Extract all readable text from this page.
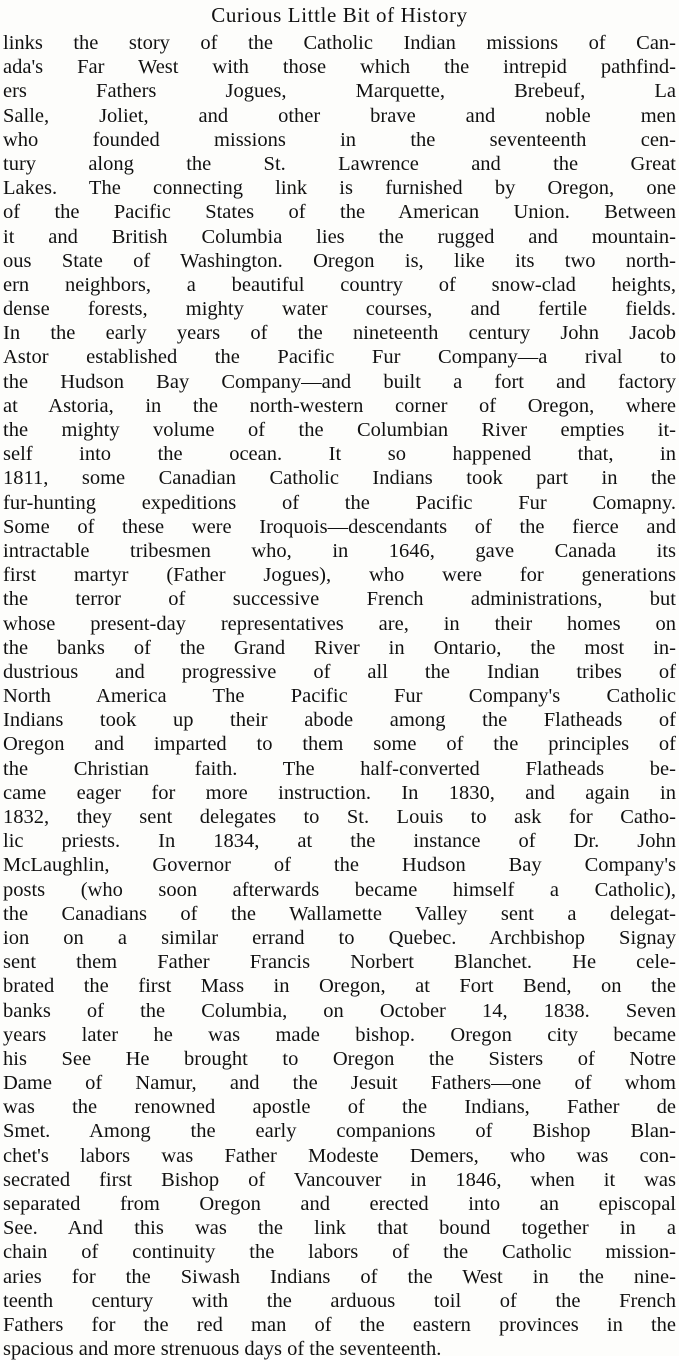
Curious Little Bit of History
links the story of the Catholic Indian missions of Can-
ada's Far West with those which the intrepid pathfind-
ers Fathers Jogues, Marquette, Brebeuf, La
Salle, Joliet, and other brave and noble men
who founded missions in the seventeenth cen-
tury along the St. Lawrence and the Great
Lakes. The connecting link is furnished by Oregon, one
of the Pacific States of the American Union. Between
it and British Columbia lies the rugged and mountain-
ous State of Washington. Oregon is, like its two north-
ern neighbors, a beautiful country of snow-clad heights,
dense forests, mighty water courses, and fertile fields.
In the early years of the nineteenth century John Jacob
Astor established the Pacific Fur Company—a rival to
the Hudson Bay Company—and built a fort and factory
at Astoria, in the north-western corner of Oregon, where
the mighty volume of the Columbian River empties it-
self into the ocean. It so happened that, in
1811, some Canadian Catholic Indians took part in the
fur-hunting expeditions of the Pacific Fur Comapny.
Some of these were Iroquois—descendants of the fierce and
intractable tribesmen who, in 1646, gave Canada its
first martyr (Father Jogues), who were for generations
the terror of successive French administrations, but
whose present-day representatives are, in their homes on
the banks of the Grand River in Ontario, the most in-
dustrious and progressive of all the Indian tribes of
North America The Pacific Fur Company's Catholic
Indians took up their abode among the Flatheads of
Oregon and imparted to them some of the principles of
the Christian faith. The half-converted Flatheads be-
came eager for more instruction. In 1830, and again in
1832, they sent delegates to St. Louis to ask for Catho-
lic priests. In 1834, at the instance of Dr. John
McLaughlin, Governor of the Hudson Bay Company's
posts (who soon afterwards became himself a Catholic),
the Canadians of the Wallamette Valley sent a delegat-
ion on a similar errand to Quebec. Archbishop Signay
sent them Father Francis Norbert Blanchet. He cele-
brated the first Mass in Oregon, at Fort Bend, on the
banks of the Columbia, on October 14, 1838. Seven
years later he was made bishop. Oregon city became
his See He brought to Oregon the Sisters of Notre
Dame of Namur, and the Jesuit Fathers—one of whom
was the renowned apostle of the Indians, Father de
Smet. Among the early companions of Bishop Blan-
chet's labors was Father Modeste Demers, who was con-
secrated first Bishop of Vancouver in 1846, when it was
separated from Oregon and erected into an episcopal
See. And this was the link that bound together in a
chain of continuity the labors of the Catholic mission-
aries for the Siwash Indians of the West in the nine-
teenth century with the arduous toil of the French
Fathers for the red man of the eastern provinces in the
spacious and more strenuous days of the seventeenth.
